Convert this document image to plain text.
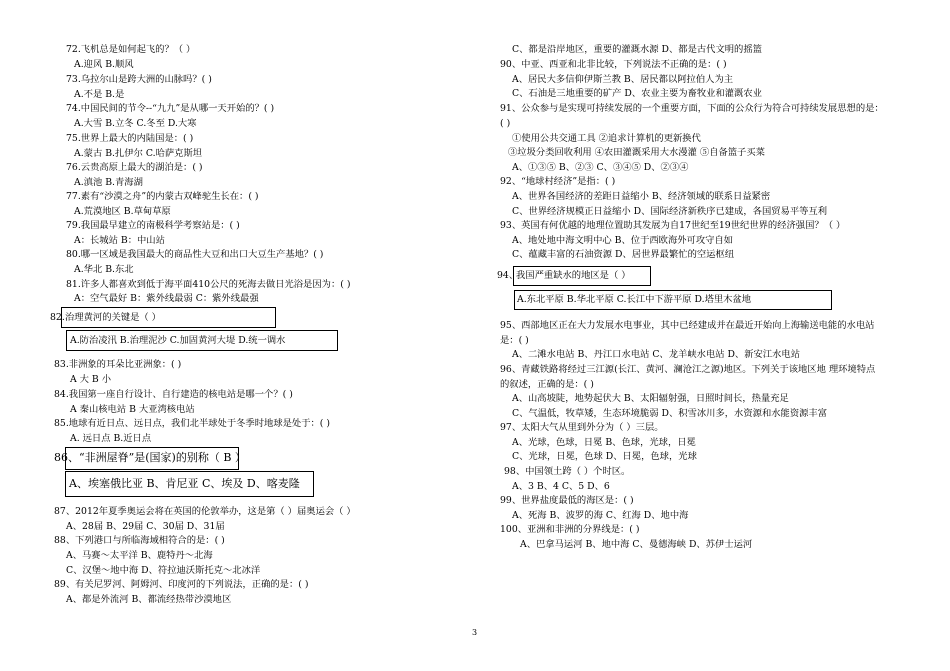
72.飞机总是如何起飞的？（ ）
A.迎风 B.顺风
73.乌拉尔山是跨大洲的山脉吗？( )
A.不是 B.是
74.中国民间的节令--“九九”是从哪一天开始的？( )
A.大雪 B.立冬 C.冬至 D.大寒
75.世界上最大的内陆国是：( )
A.蒙古 B.扎伊尔 C.哈萨克斯坦
76.云贵高原上最大的湖泊是：( )
A.滇池 B.青海湖
77.素有“沙漠之舟”的内蒙古双峰驼生长在：( )
A.荒漠地区 B.草甸草原
79.我国最早建立的南极科学考察站是：( )
A：长城站 B：中山站
80.哪一区域是我国最大的商品性大豆和出口大豆生产基地？( )
A.华北 B.东北
81.许多人都喜欢到低于海平面410公尺的死海去做日光浴是因为：( )
A：空气最好 B：紫外线最弱 C：紫外线最强
82. 治理黄河的关键是（ ）
A.防治凌汛 B.治理泥沙 C.加固黄河大堤 D.统一调水
83.非洲象的耳朵比亚洲象：( )
A 大 B 小
84.我国第一座自行设计、自行建造的核电站是哪一个？( )
A 秦山核电站 B 大亚湾核电站
85.地球有近日点、远日点，我们北半球处于冬季时地球是处于：( )
A. 远日点 B.近日点
86、“非洲屋脊”是(国家)的别称（ B ）
A、埃塞俄比亚 B、肯尼亚 C、埃及 D、喀麦隆
87、2012年夏季奥运会将在英国的伦敦举办，这是第（ ）届奥运会（ ）
A、28届 B、29届 C、30届 D、31届
88、下列港口与所临海域相符合的是：( )
A、马赛～太平洋 B、鹿特丹～北海
C、汉堡～地中海 D、符拉迪沃斯托克～北冰洋
89、有关尼罗河、阿姆河、印度河的下列说法，正确的是：( )
A、都是外流河 B、都流经热带沙漠地区
C、都是沿岸地区，重要的灌溉水源 D、都是古代文明的摇篮
90、中亚、西亚和北非比较，下列说法不正确的是：( )
A、居民大多信仰伊斯兰教 B、居民都以阿拉伯人为主
C、石油是三地重要的矿产 D、农业主要为畜牧业和灌溉农业
91、公众参与是实现可持续发展的一个重要方面，下面的公众行为符合可持续发展思想的是：
( )
①使用公共交通工具 ②追求计算机的更新换代
③垃圾分类回收利用 ④农田灌溉采用大水漫灌 ⑤自备篮子买菜
A、①③⑤ B、②③ C、③④⑤ D、②③④
92、“地球村经济”是指：( )
A、世界各国经济的差距日益缩小 B、经济领域的联系日益紧密
C、世界经济规模正日益缩小 D、国际经济新秩序已建成，各国贸易平等互利
93、英国有何优越的地理位置助其发展为自17世纪至19世纪世界的经济强国？（ ）
A、地处地中海文明中心 B、位于西欧海外可攻守自如
C、蕴藏丰富的石油资源 D、居世界最繁忙的空运枢纽
94、
我国严重缺水的地区是（ ）
A.东北平原 B.华北平原 C.长江中下游平原 D.塔里木盆地
95、西部地区正在大力发展水电事业，其中已经建成并在最近开始向上海输送电能的水电站
是：( )
A、二滩水电站 B、丹江口水电站 C、龙羊峡水电站 D、新安江水电站
96、青藏铁路将经过三江源(长江、黄河、澜沧江之源)地区。下列关于该地区地 理环境特点
的叙述，正确的是：( )
A、山高坡陡，地势起伏大 B、太阳辐射强，日照时间长，热量充足
C、气温低，牧草矮，生态环境脆弱 D、积雪冰川多，水资源和水能资源丰富
97、太阳大气从里到外分为（ ）三层。
A、光球，色球，日冕 B、色球，光球，日冕
C、光球，日冕，色球 D、日冕，色球，光球
98、中国领土跨（ ）个时区。
A、3 B、4 C、5 D、6
99、世界盐度最低的海区是：( )
A、死海 B、波罗的海 C、红海 D、地中海
100、亚洲和非洲的分界线是：( )
A、巴拿马运河 B、地中海 C、曼德海峡 D、苏伊士运河
3
